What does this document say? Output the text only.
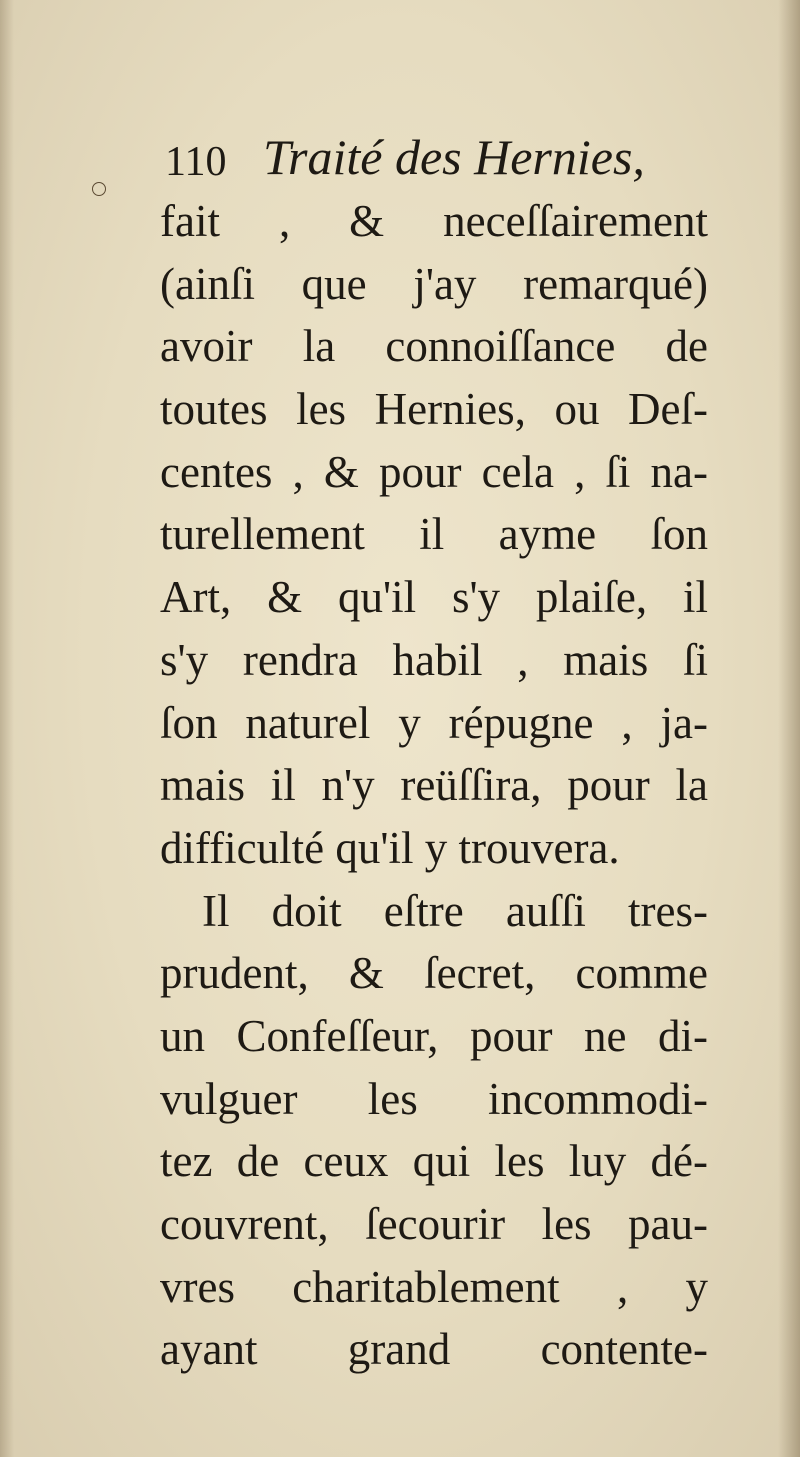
110 Traité des Hernies,
fait , & neceſſairement
(ainſi que j'ay remarqué)
avoir la connoiſſance de
toutes les Hernies, ou Deſ-
centes , & pour cela , ſi na-
turellement il ayme ſon
Art, & qu'il s'y plaiſe, il
s'y rendra habil , mais ſi
ſon naturel y répugne , ja-
mais il n'y reüſſira, pour la
difficulté qu'il y trouvera.
Il doit eſtre auſſi tres-
prudent, & ſecret, comme
un Confeſſeur, pour ne di-
vulguer les incommodi-
tez de ceux qui les luy dé-
couvrent, ſecourir les pau-
vres charitablement , y
ayant grand contente-
